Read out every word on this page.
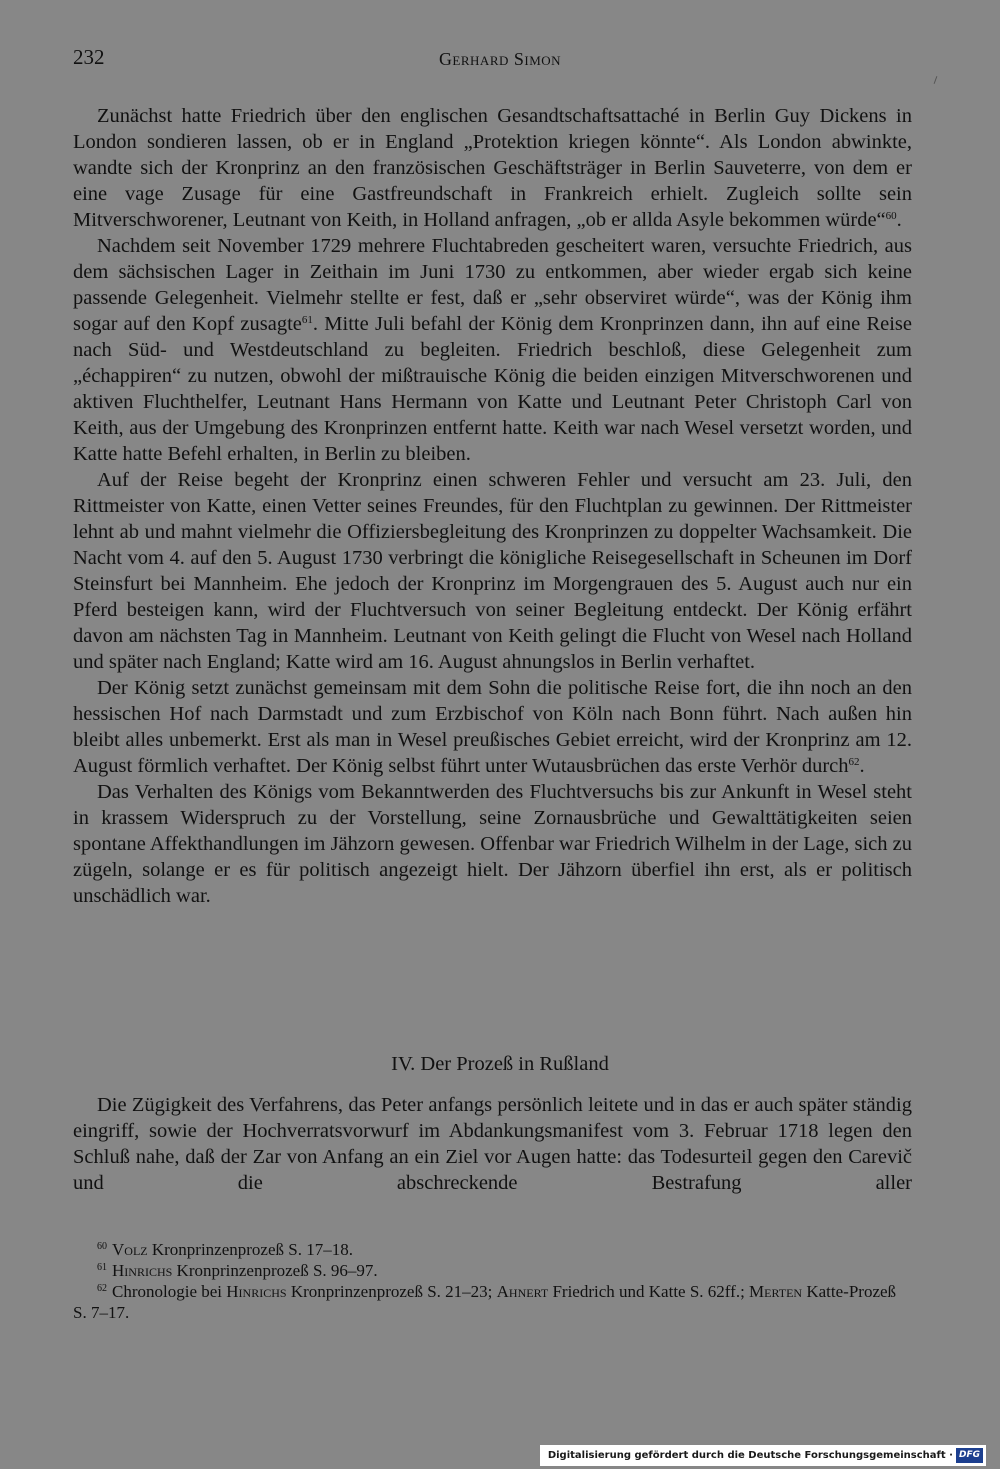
232	Gerhard Simon

Zunächst hatte Friedrich über den englischen Gesandtschaftsattaché in Berlin Guy Dickens in London sondieren lassen, ob er in England „Protektion kriegen könnte“. Als London abwinkte, wandte sich der Kronprinz an den französischen Geschäftsträger in Berlin Sauveterre, von dem er eine vage Zusage für eine Gastfreundschaft in Frankreich erhielt. Zugleich sollte sein Mitverschworener, Leutnant von Keith, in Holland anfragen, „ob er allda Asyle bekommen würde“$^{60}$.

Nachdem seit November 1729 mehrere Fluchtabreden gescheitert waren, versuchte Friedrich, aus dem sächsischen Lager in Zeithain im Juni 1730 zu entkommen, aber wieder ergab sich keine passende Gelegenheit. Vielmehr stellte er fest, daß er „sehr observiret würde“, was der König ihm sogar auf den Kopf zusagte$^{61}$. Mitte Juli befahl der König dem Kronprinzen dann, ihn auf eine Reise nach Süd- und Westdeutschland zu begleiten. Friedrich beschloß, diese Gelegenheit zum „échappiren“ zu nutzen, obwohl der mißtrauische König die beiden einzigen Mitverschworenen und aktiven Fluchthelfer, Leutnant Hans Hermann von Katte und Leutnant Peter Christoph Carl von Keith, aus der Umgebung des Kronprinzen entfernt hatte. Keith war nach Wesel versetzt worden, und Katte hatte Befehl erhalten, in Berlin zu bleiben.

Auf der Reise begeht der Kronprinz einen schweren Fehler und versucht am 23. Juli, den Rittmeister von Katte, einen Vetter seines Freundes, für den Fluchtplan zu gewinnen. Der Rittmeister lehnt ab und mahnt vielmehr die Offiziersbegleitung des Kronprinzen zu doppelter Wachsamkeit. Die Nacht vom 4. auf den 5. August 1730 verbringt die königliche Reisegesellschaft in Scheunen im Dorf Steinsfurt bei Mannheim. Ehe jedoch der Kronprinz im Morgengrauen des 5. August auch nur ein Pferd besteigen kann, wird der Fluchtversuch von seiner Begleitung entdeckt. Der König erfährt davon am nächsten Tag in Mannheim. Leutnant von Keith gelingt die Flucht von Wesel nach Holland und später nach England; Katte wird am 16. August ahnungslos in Berlin verhaftet.

Der König setzt zunächst gemeinsam mit dem Sohn die politische Reise fort, die ihn noch an den hessischen Hof nach Darmstadt und zum Erzbischof von Köln nach Bonn führt. Nach außen hin bleibt alles unbemerkt. Erst als man in Wesel preußisches Gebiet erreicht, wird der Kronprinz am 12. August förmlich verhaftet. Der König selbst führt unter Wutausbrüchen das erste Verhör durch$^{62}$.

Das Verhalten des Königs vom Bekanntwerden des Fluchtversuchs bis zur Ankunft in Wesel steht in krassem Widerspruch zu der Vorstellung, seine Zornausbrüche und Gewalttätigkeiten seien spontane Affekthandlungen im Jähzorn gewesen. Offenbar war Friedrich Wilhelm in der Lage, sich zu zügeln, solange er es für politisch angezeigt hielt. Der Jähzorn überfiel ihn erst, als er politisch unschädlich war.

IV. Der Prozeß in Rußland

Die Zügigkeit des Verfahrens, das Peter anfangs persönlich leitete und in das er auch später ständig eingriff, sowie der Hochverratsvorwurf im Abdankungsmanifest vom 3. Februar 1718 legen den Schluß nahe, daß der Zar von Anfang an ein Ziel vor Augen hatte: das Todesurteil gegen den Carevič und die abschreckende Bestrafung aller

$^{60}$ Volz Kronprinzenprozeß S. 17–18.
$^{61}$ Hinrichs Kronprinzenprozeß S. 96–97.
$^{62}$ Chronologie bei Hinrichs Kronprinzenprozeß S. 21–23; Ahnert Friedrich und Katte S. 62ff.; Merten Katte-Prozeß S. 7–17.
Digitalisierung gefördert durch die Deutsche Forschungsgemeinschaft
· DFG
